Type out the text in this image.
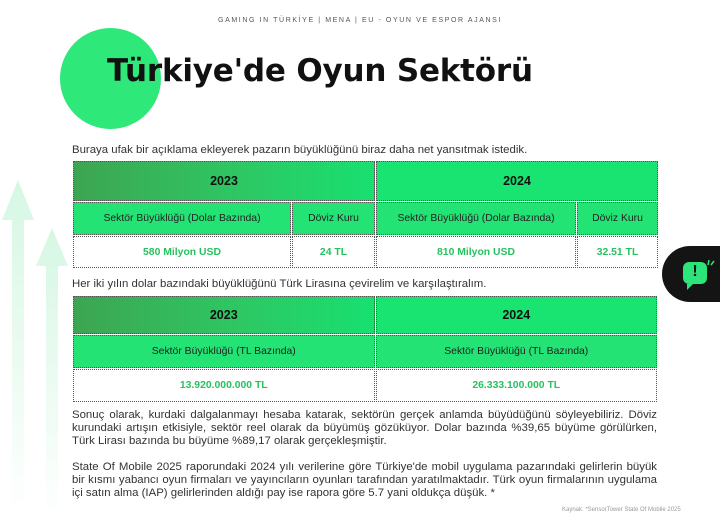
GAMING IN TÜRKİYE | MENA | EU - OYUN VE ESPOR AJANSI
Türkiye'de Oyun Sektörü
Buraya ufak bir açıklama ekleyerek pazarın büyüklüğünü biraz daha net yansıtmak istedik.
2023		2024	
Sektör Büyüklüğü (Dolar Bazında)	Döviz Kuru	Sektör Büyüklüğü (Dolar Bazında)	Döviz Kuru
580 Milyon USD	24 TL	810 Milyon USD	32.51 TL
Her iki yılın dolar bazındaki büyüklüğünü Türk Lirasına çevirelim ve karşılaştıralım.
2023	2024
Sektör Büyüklüğü (TL Bazında)	Sektör Büyüklüğü (TL Bazında)
13.920.000.000 TL	26.333.100.000 TL
Sonuç olarak, kurdaki dalgalanmayı hesaba katarak, sektörün gerçek anlamda büyüdüğünü söyleyebiliriz. Döviz kurundaki artışın etkisiyle, sektör reel olarak da büyümüş gözüküyor. Dolar bazında %39,65 büyüme görülürken, Türk Lirası bazında bu büyüme %89,17 olarak gerçekleşmiştir.
State Of Mobile 2025 raporundaki 2024 yılı verilerine göre Türkiye'de mobil uygulama pazarındaki gelirlerin büyük bir kısmı yabancı oyun firmaları ve yayıncıların oyunları tarafından yaratılmaktadır. Türk oyun firmalarının uygulama içi satın alma (IAP) gelirlerinden aldığı pay ise rapora göre 5.7 yani oldukça düşük. *
Kaynak: *SensorTower State Of Mobile 2025
!
